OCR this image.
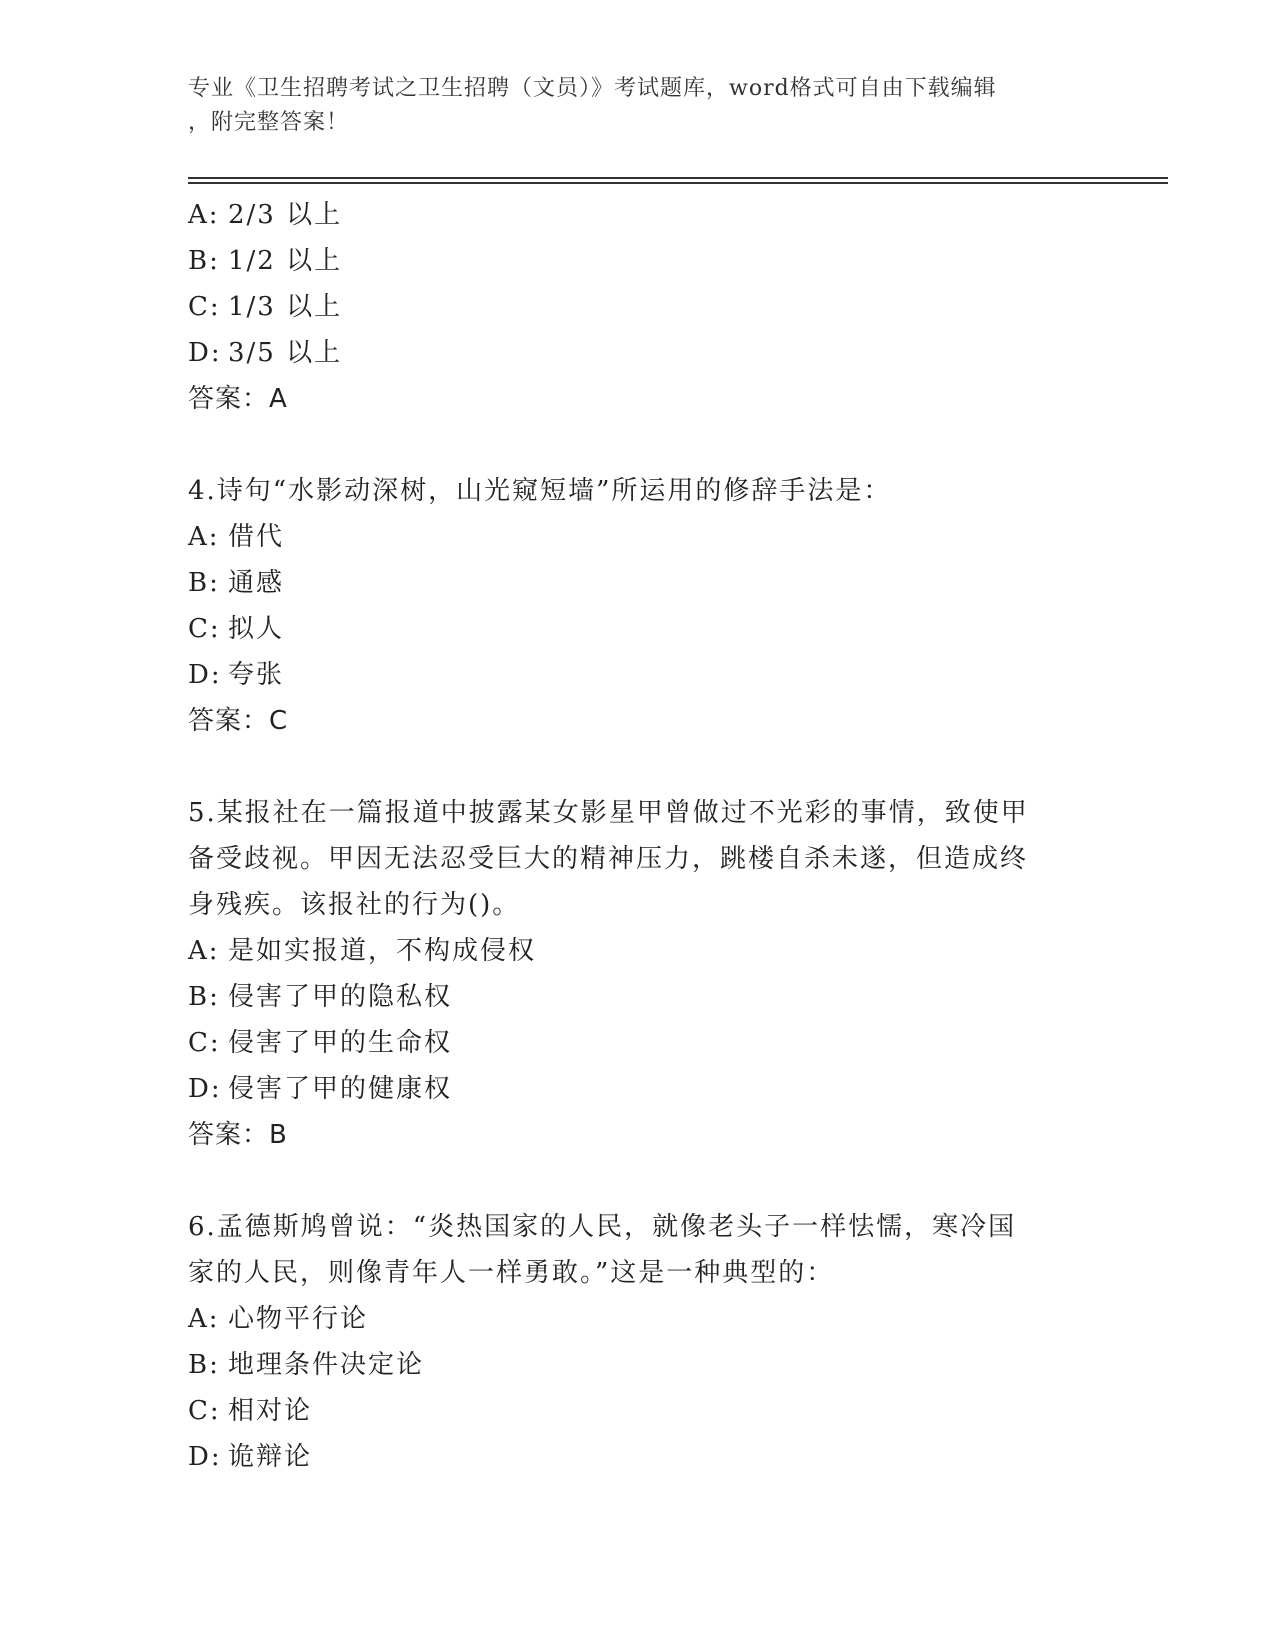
专业《卫生招聘考试之卫生招聘（文员）》考试题库，word格式可自由下载编辑
，附完整答案！
A: 2/3 以上
B: 1/2 以上
C: 1/3 以上
D: 3/5 以上
答案：A
4.诗句“水影动深树，山光窥短墙”所运用的修辞手法是：
A: 借代
B: 通感
C: 拟人
D: 夸张
答案：C
5.某报社在一篇报道中披露某女影星甲曾做过不光彩的事情，致使甲
备受歧视。甲因无法忍受巨大的精神压力，跳楼自杀未遂，但造成终
身残疾。该报社的行为()。
A: 是如实报道，不构成侵权
B: 侵害了甲的隐私权
C: 侵害了甲的生命权
D: 侵害了甲的健康权
答案：B
6.孟德斯鸠曾说：“炎热国家的人民，就像老头子一样怯懦，寒冷国
家的人民，则像青年人一样勇敢。”这是一种典型的：
A: 心物平行论
B: 地理条件决定论
C: 相对论
D: 诡辩论
